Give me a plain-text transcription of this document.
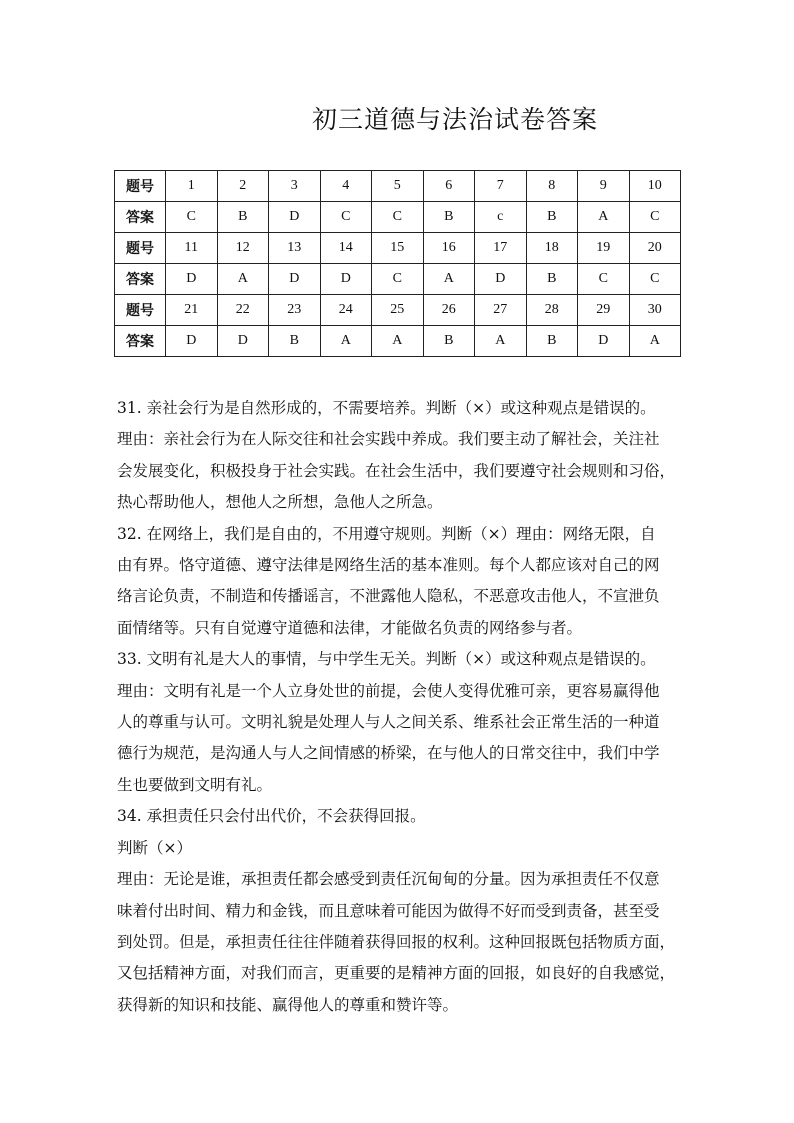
初三道德与法治试卷答案
题号	1	2	3	4	5	6	7	8	9	10
答案	C	B	D	C	C	B	c	B	A	C
题号	11	12	13	14	15	16	17	18	19	20
答案	D	A	D	D	C	A	D	B	C	C
题号	21	22	23	24	25	26	27	28	29	30
答案	D	D	B	A	A	B	A	B	D	A

31. 亲社会行为是自然形成的，不需要培养。判断（×）或这种观点是错误的。

理由：亲社会行为在人际交往和社会实践中养成。我们要主动了解社会，关注社

会发展变化，积极投身于社会实践。在社会生活中，我们要遵守社会规则和习俗，

热心帮助他人，想他人之所想，急他人之所急。

32. 在网络上，我们是自由的，不用遵守规则。判断（×）理由：网络无限，自

由有界。恪守道德、遵守法律是网络生活的基本准则。每个人都应该对自己的网

络言论负责，不制造和传播谣言，不泄露他人隐私，不恶意攻击他人，不宣泄负

面情绪等。只有自觉遵守道德和法律，才能做名负责的网络参与者。

33. 文明有礼是大人的事情，与中学生无关。判断（×）或这种观点是错误的。

理由：文明有礼是一个人立身处世的前提，会使人变得优雅可亲，更容易赢得他

人的尊重与认可。文明礼貌是处理人与人之间关系、维系社会正常生活的一种道

德行为规范，是沟通人与人之间情感的桥梁，在与他人的日常交往中，我们中学

生也要做到文明有礼。

34. 承担责任只会付出代价，不会获得回报。

判断（×）

理由：无论是谁，承担责任都会感受到责任沉甸甸的分量。因为承担责任不仅意

味着付出时间、精力和金钱，而且意味着可能因为做得不好而受到责备，甚至受

到处罚。但是，承担责任往往伴随着获得回报的权利。这种回报既包括物质方面，

又包括精神方面，对我们而言，更重要的是精神方面的回报，如良好的自我感觉，

获得新的知识和技能、赢得他人的尊重和赞许等。
